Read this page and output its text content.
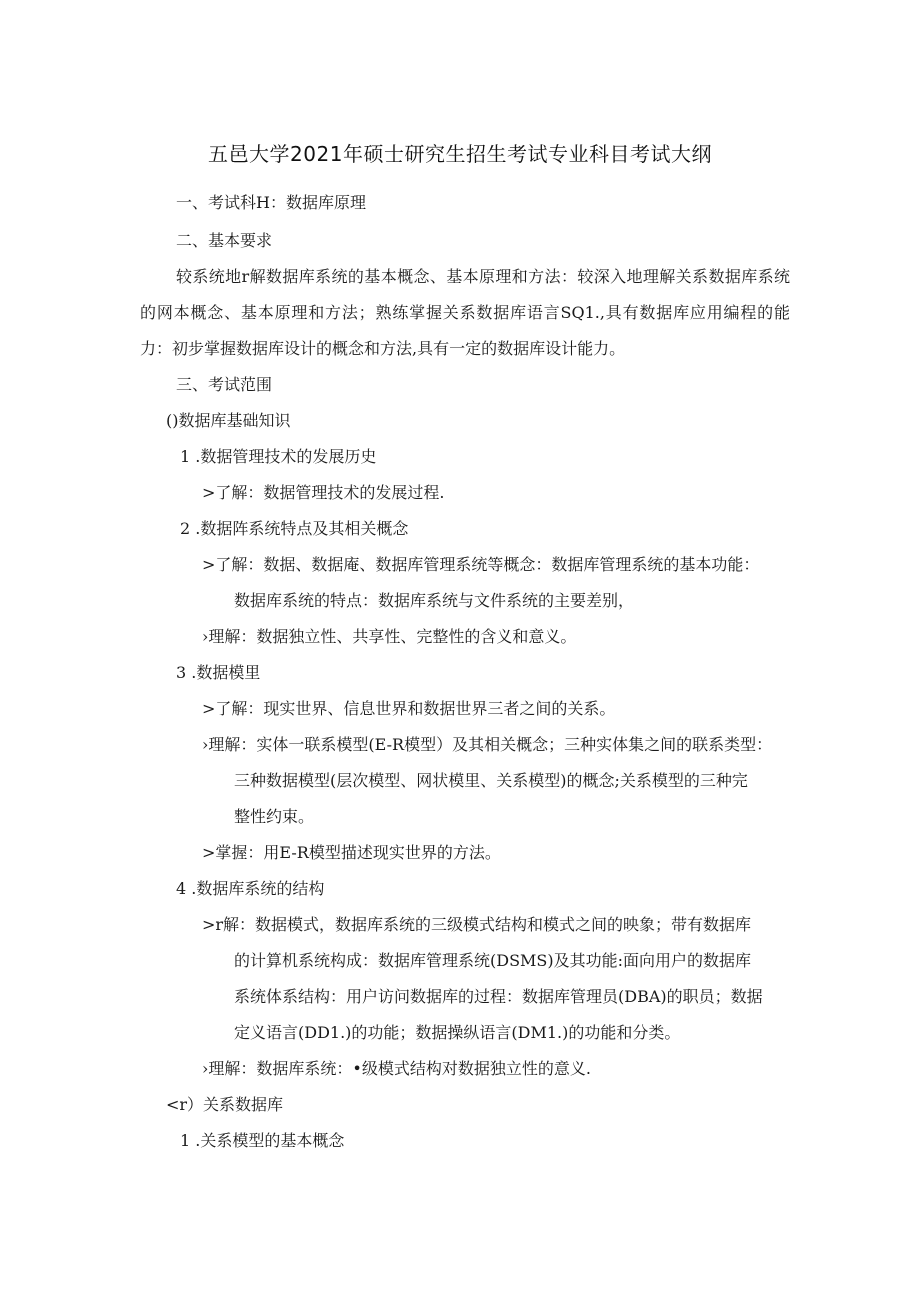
五邑大学2021年硕士研究生招生考试专业科目考试大纲
一、考试科H：数据库原理
二、基本要求
较系统地r解数据库系统的基本概念、基本原理和方法：较深入地理解关系数据库系统的网本概念、基本原理和方法；熟练掌握关系数据库语言SQ1.,具有数据库应用编程的能力：初步掌握数据库设计的概念和方法,具有一定的数据库设计能力。
三、考试范围
()数据库基础知识
1 .数据管理技术的发展历史
>了解：数据管理技术的发展过程.
2 .数据阵系统特点及其相关概念
>了解：数据、数据庵、数据库管理系统等概念：数据库管理系统的基本功能：
数据库系统的特点：数据库系统与文件系统的主要差别，
›理解：数据独立性、共享性、完整性的含义和意义。
3 .数据模里
>了解：现实世界、信息世界和数据世界三者之间的关系。
›理解：实体一联系模型(E-R模型）及其相关概念；三种实体集之间的联系类型：
三种数据模型(层次模型、网状模里、关系模型)的概念;关系模型的三种完
整性约束。
>掌握：用E-R模型描述现实世界的方法。
4 .数据库系统的结构
>r解：数据模式，数据库系统的三级模式结构和模式之间的映象；带有数据库
的计算机系统构成：数据库管理系统(DSMS)及其功能:面向用户的数据库
系统体系结构：用户访问数据库的过程：数据库管理员(DBA)的职员；数据
定义语言(DD1.)的功能；数据操纵语言(DM1.)的功能和分类。
›理解：数据库系统：•级模式结构对数据独立性的意义.
<r）关系数据库
1 .关系模型的基本概念
